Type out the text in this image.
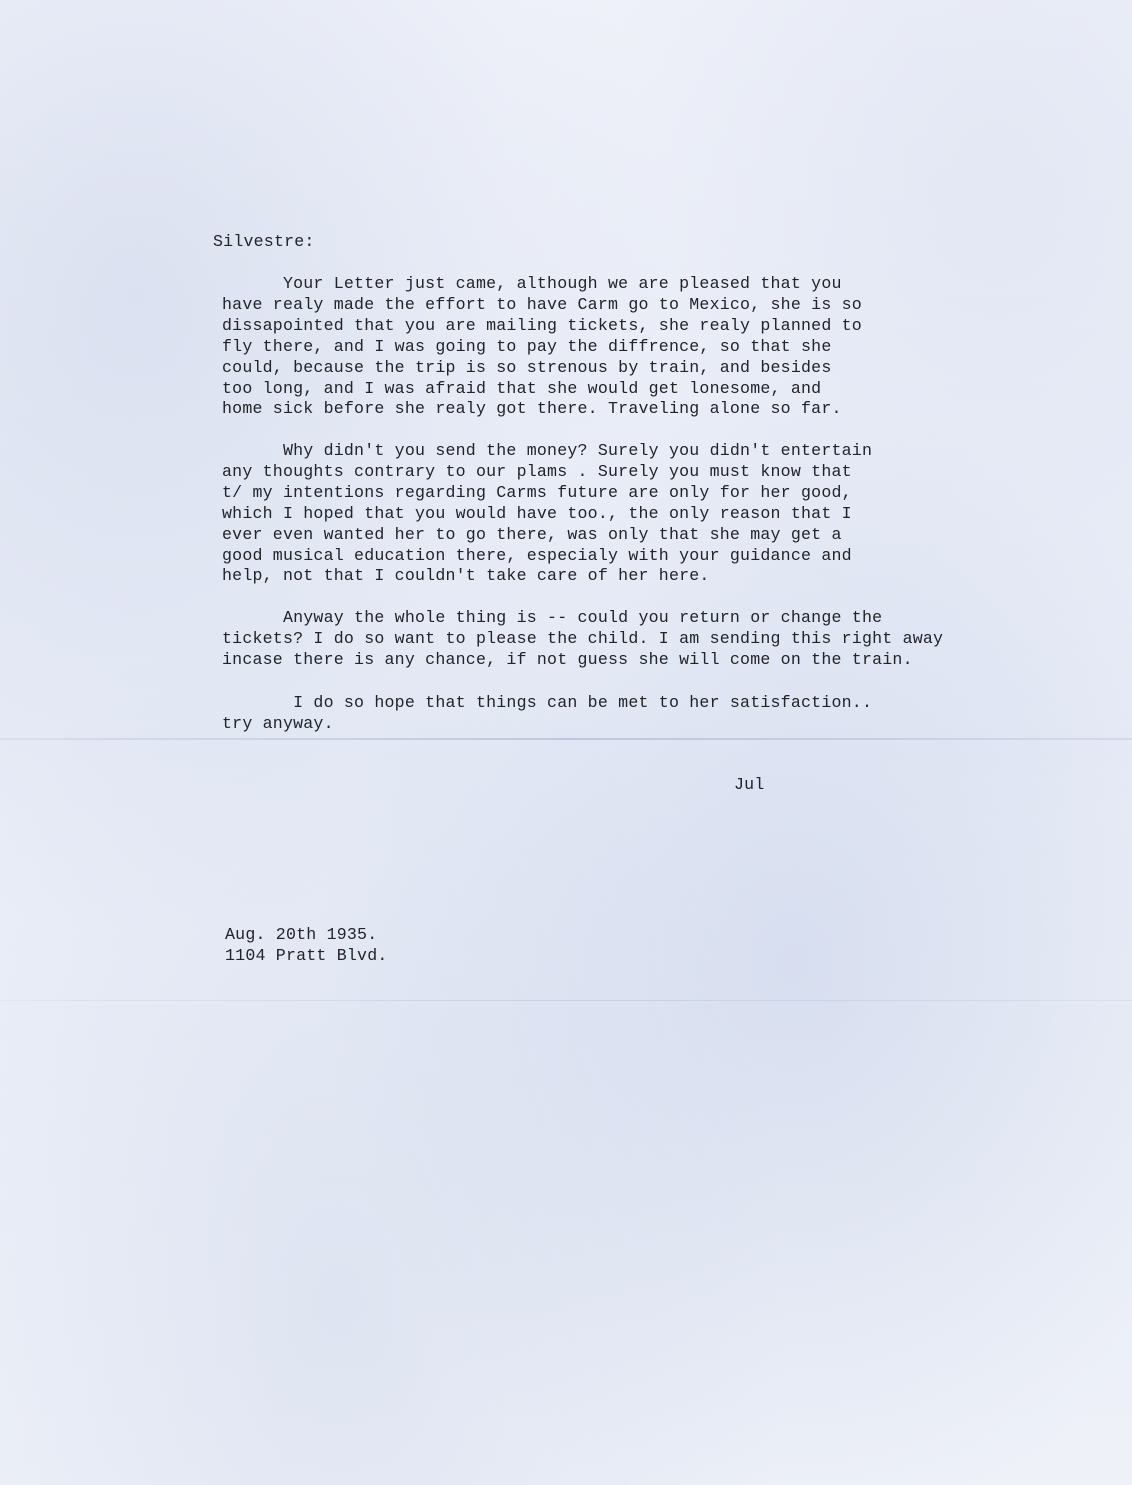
Silvestre:

Your Letter just came, although we are pleased that you
have realy made the effort to have Carm go to Mexico, she is so
dissapointed that you are mailing tickets, she realy planned to
fly there, and I was going to pay the diffrence, so that she
could, because the trip is so strenous by train, and besides
too long, and I was afraid that she would get lonesome, and
home sick before she realy got there. Traveling alone so far.

Why didn't you send the money? Surely you didn't entertain
any thoughts contrary to our plams . Surely you must know that
t/ my intentions regarding Carms future are only for her good,
which I hoped that you would have too., the only reason that I
ever even wanted her to go there, was only that she may get a
good musical education there, especialy with your guidance and
help, not that I couldn't take care of her here.

Anyway the whole thing is -- could you return or change the
tickets? I do so want to please the child. I am sending this right away
incase there is any chance, if not guess she will come on the train.

I do so hope that things can be met to her satisfaction..
try anyway.

Jul

Aug. 20th 1935.

1104 Pratt Blvd.
